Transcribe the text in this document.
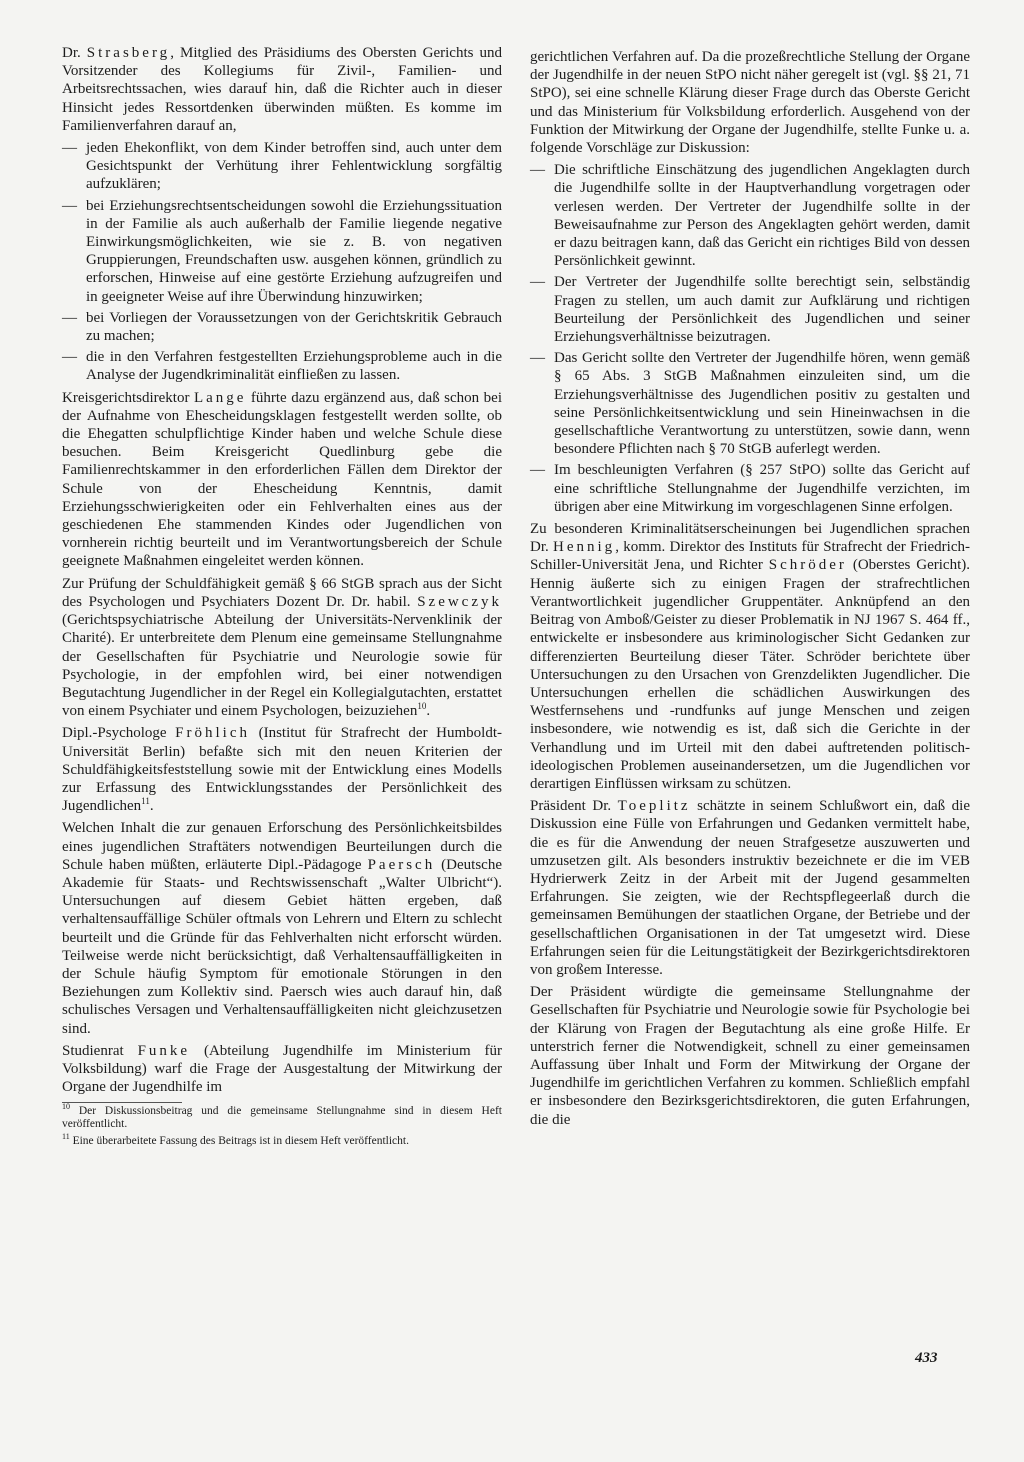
Dr. Strasberg, Mitglied des Präsidiums des Obersten Gerichts und Vorsitzender des Kollegiums für Zivil-, Familien- und Arbeitsrechtssachen, wies darauf hin, daß die Richter auch in dieser Hinsicht jedes Ressortdenken überwinden müßten. Es komme im Familienverfahren darauf an,

— jeden Ehekonflikt, von dem Kinder betroffen sind, auch unter dem Gesichtspunkt der Verhütung ihrer Fehlentwicklung sorgfältig aufzuklären;
— bei Erziehungsrechtsentscheidungen sowohl die Erziehungssituation in der Familie als auch außerhalb der Familie liegende negative Einwirkungsmöglichkeiten, wie sie z. B. von negativen Gruppierungen, Freundschaften usw. ausgehen können, gründlich zu erforschen, Hinweise auf eine gestörte Erziehung aufzugreifen und in geeigneter Weise auf ihre Überwindung hinzuwirken;
— bei Vorliegen der Voraussetzungen von der Gerichtskritik Gebrauch zu machen;
— die in den Verfahren festgestellten Erziehungsprobleme auch in die Analyse der Jugendkriminalität einfließen zu lassen.

Kreisgerichtsdirektor Lange führte dazu ergänzend aus, daß schon bei der Aufnahme von Ehescheidungsklagen festgestellt werden sollte, ob die Ehegatten schulpflichtige Kinder haben und welche Schule diese besuchen. Beim Kreisgericht Quedlinburg gebe die Familienrechtskammer in den erforderlichen Fällen dem Direktor der Schule von der Ehescheidung Kenntnis, damit Erziehungsschwierigkeiten oder ein Fehlverhalten eines aus der geschiedenen Ehe stammenden Kindes oder Jugendlichen von vornherein richtig beurteilt und im Verantwortungsbereich der Schule geeignete Maßnahmen eingeleitet werden können.

Zur Prüfung der Schuldfähigkeit gemäß § 66 StGB sprach aus der Sicht des Psychologen und Psychiaters Dozent Dr. Dr. habil. Szewczyk (Gerichtspsychiatrische Abteilung der Universitäts-Nervenklinik der Charité). Er unterbreitete dem Plenum eine gemeinsame Stellungnahme der Gesellschaften für Psychiatrie und Neurologie sowie für Psychologie, in der empfohlen wird, bei einer notwendigen Begutachtung Jugendlicher in der Regel ein Kollegialgutachten, erstattet von einem Psychiater und einem Psychologen, beizuziehen$^{10}$.

Dipl.-Psychologe Fröhlich (Institut für Strafrecht der Humboldt-Universität Berlin) befaßte sich mit den neuen Kriterien der Schuldfähigkeitsfeststellung sowie mit der Entwicklung eines Modells zur Erfassung des Entwicklungsstandes der Persönlichkeit des Jugendlichen$^{11}$.

Welchen Inhalt die zur genauen Erforschung des Persönlichkeitsbildes eines jugendlichen Straftäters notwendigen Beurteilungen durch die Schule haben müßten, erläuterte Dipl.-Pädagoge Paersch (Deutsche Akademie für Staats- und Rechtswissenschaft „Walter Ulbricht“). Untersuchungen auf diesem Gebiet hätten ergeben, daß verhaltensauffällige Schüler oftmals von Lehrern und Eltern zu schlecht beurteilt und die Gründe für das Fehlverhalten nicht erforscht würden. Teilweise werde nicht berücksichtigt, daß Verhaltensauffälligkeiten in der Schule häufig Symptom für emotionale Störungen in den Beziehungen zum Kollektiv sind. Paersch wies auch darauf hin, daß schulisches Versagen und Verhaltensauffälligkeiten nicht gleichzusetzen sind.

Studienrat Funke (Abteilung Jugendhilfe im Ministerium für Volksbildung) warf die Frage der Ausgestaltung der Mitwirkung der Organe der Jugendhilfe im

$^{10}$ Der Diskussionsbeitrag und die gemeinsame Stellungnahme sind in diesem Heft veröffentlicht.

$^{11}$ Eine überarbeitete Fassung des Beitrags ist in diesem Heft veröffentlicht.

gerichtlichen Verfahren auf. Da die prozeßrechtliche Stellung der Organe der Jugendhilfe in der neuen StPO nicht näher geregelt ist (vgl. §§ 21, 71 StPO), sei eine schnelle Klärung dieser Frage durch das Oberste Gericht und das Ministerium für Volksbildung erforderlich. Ausgehend von der Funktion der Mitwirkung der Organe der Jugendhilfe, stellte Funke u. a. folgende Vorschläge zur Diskussion:

— Die schriftliche Einschätzung des jugendlichen Angeklagten durch die Jugendhilfe sollte in der Hauptverhandlung vorgetragen oder verlesen werden. Der Vertreter der Jugendhilfe sollte in der Beweisaufnahme zur Person des Angeklagten gehört werden, damit er dazu beitragen kann, daß das Gericht ein richtiges Bild von dessen Persönlichkeit gewinnt.
— Der Vertreter der Jugendhilfe sollte berechtigt sein, selbständig Fragen zu stellen, um auch damit zur Aufklärung und richtigen Beurteilung der Persönlichkeit des Jugendlichen und seiner Erziehungsverhältnisse beizutragen.
— Das Gericht sollte den Vertreter der Jugendhilfe hören, wenn gemäß § 65 Abs. 3 StGB Maßnahmen einzuleiten sind, um die Erziehungsverhältnisse des Jugendlichen positiv zu gestalten und seine Persönlichkeitsentwicklung und sein Hineinwachsen in die gesellschaftliche Verantwortung zu unterstützen, sowie dann, wenn besondere Pflichten nach § 70 StGB auferlegt werden.
— Im beschleunigten Verfahren (§ 257 StPO) sollte das Gericht auf eine schriftliche Stellungnahme der Jugendhilfe verzichten, im übrigen aber eine Mitwirkung im vorgeschlagenen Sinne erfolgen.

Zu besonderen Kriminalitätserscheinungen bei Jugendlichen sprachen Dr. Hennig, komm. Direktor des Instituts für Strafrecht der Friedrich-Schiller-Universität Jena, und Richter Schröder (Oberstes Gericht). Hennig äußerte sich zu einigen Fragen der strafrechtlichen Verantwortlichkeit jugendlicher Gruppentäter. Anknüpfend an den Beitrag von Amboß/Geister zu dieser Problematik in NJ 1967 S. 464 ff., entwickelte er insbesondere aus kriminologischer Sicht Gedanken zur differenzierten Beurteilung dieser Täter. Schröder berichtete über Untersuchungen zu den Ursachen von Grenzdelikten Jugendlicher. Die Untersuchungen erhellen die schädlichen Auswirkungen des Westfernsehens und -rundfunks auf junge Menschen und zeigen insbesondere, wie notwendig es ist, daß sich die Gerichte in der Verhandlung und im Urteil mit den dabei auftretenden politisch-ideologischen Problemen auseinandersetzen, um die Jugendlichen vor derartigen Einflüssen wirksam zu schützen.

Präsident Dr. Toeplitz schätzte in seinem Schlußwort ein, daß die Diskussion eine Fülle von Erfahrungen und Gedanken vermittelt habe, die es für die Anwendung der neuen Strafgesetze auszuwerten und umzusetzen gilt. Als besonders instruktiv bezeichnete er die im VEB Hydrierwerk Zeitz in der Arbeit mit der Jugend gesammelten Erfahrungen. Sie zeigten, wie der Rechtspflegeerlaß durch die gemeinsamen Bemühungen der staatlichen Organe, der Betriebe und der gesellschaftlichen Organisationen in der Tat umgesetzt wird. Diese Erfahrungen seien für die Leitungstätigkeit der Bezirkgerichtsdirektoren von großem Interesse.

Der Präsident würdigte die gemeinsame Stellungnahme der Gesellschaften für Psychiatrie und Neurologie sowie für Psychologie bei der Klärung von Fragen der Begutachtung als eine große Hilfe. Er unterstrich ferner die Notwendigkeit, schnell zu einer gemeinsamen Auffassung über Inhalt und Form der Mitwirkung der Organe der Jugendhilfe im gerichtlichen Verfahren zu kommen. Schließlich empfahl er insbesondere den Bezirksgerichtsdirektoren, die guten Erfahrungen, die die

433
